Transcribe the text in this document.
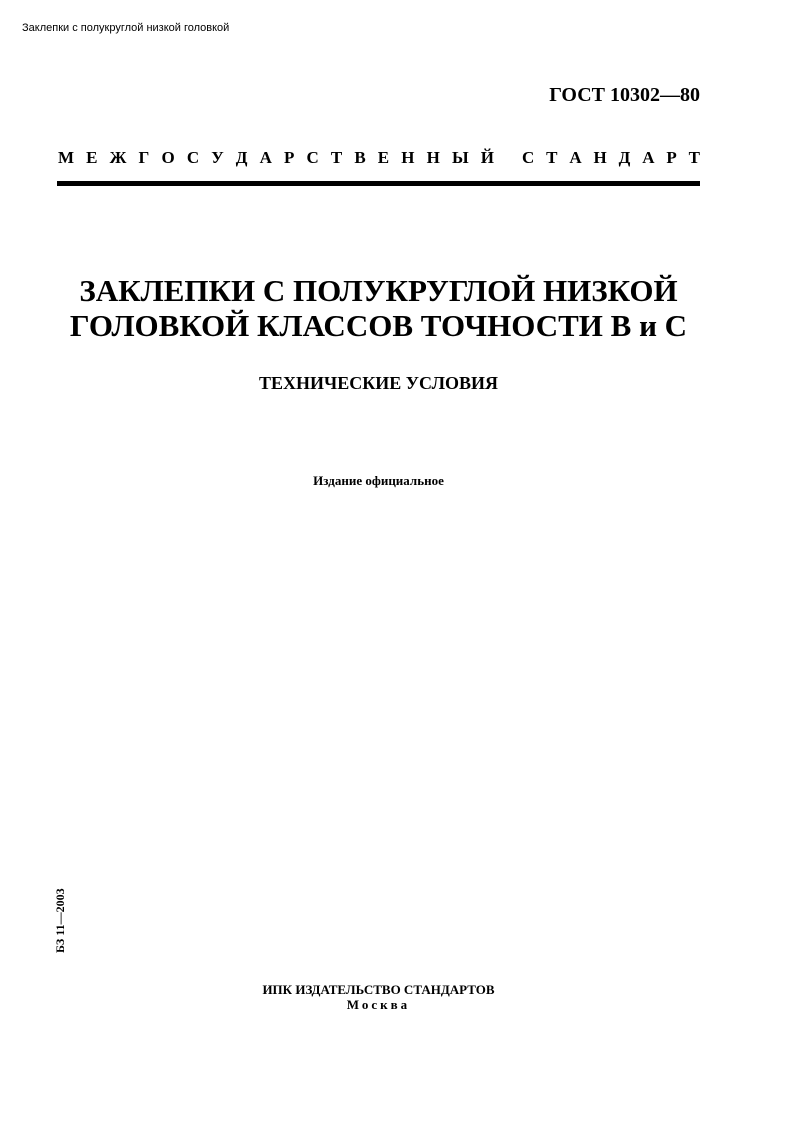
Заклепки с полукруглой низкой головкой
ГОСТ 10302—80
М Е Ж Г О С У Д А Р С Т В Е Н Н Ы Й С Т А Н Д А Р Т
ЗАКЛЕПКИ С ПОЛУКРУГЛОЙ НИЗКОЙ
ГОЛОВКОЙ КЛАССОВ ТОЧНОСТИ В и С
ТЕХНИЧЕСКИЕ УСЛОВИЯ
Издание официальное
БЗ 11—2003
ИПК ИЗДАТЕЛЬСТВО СТАНДАРТОВ
Москва
